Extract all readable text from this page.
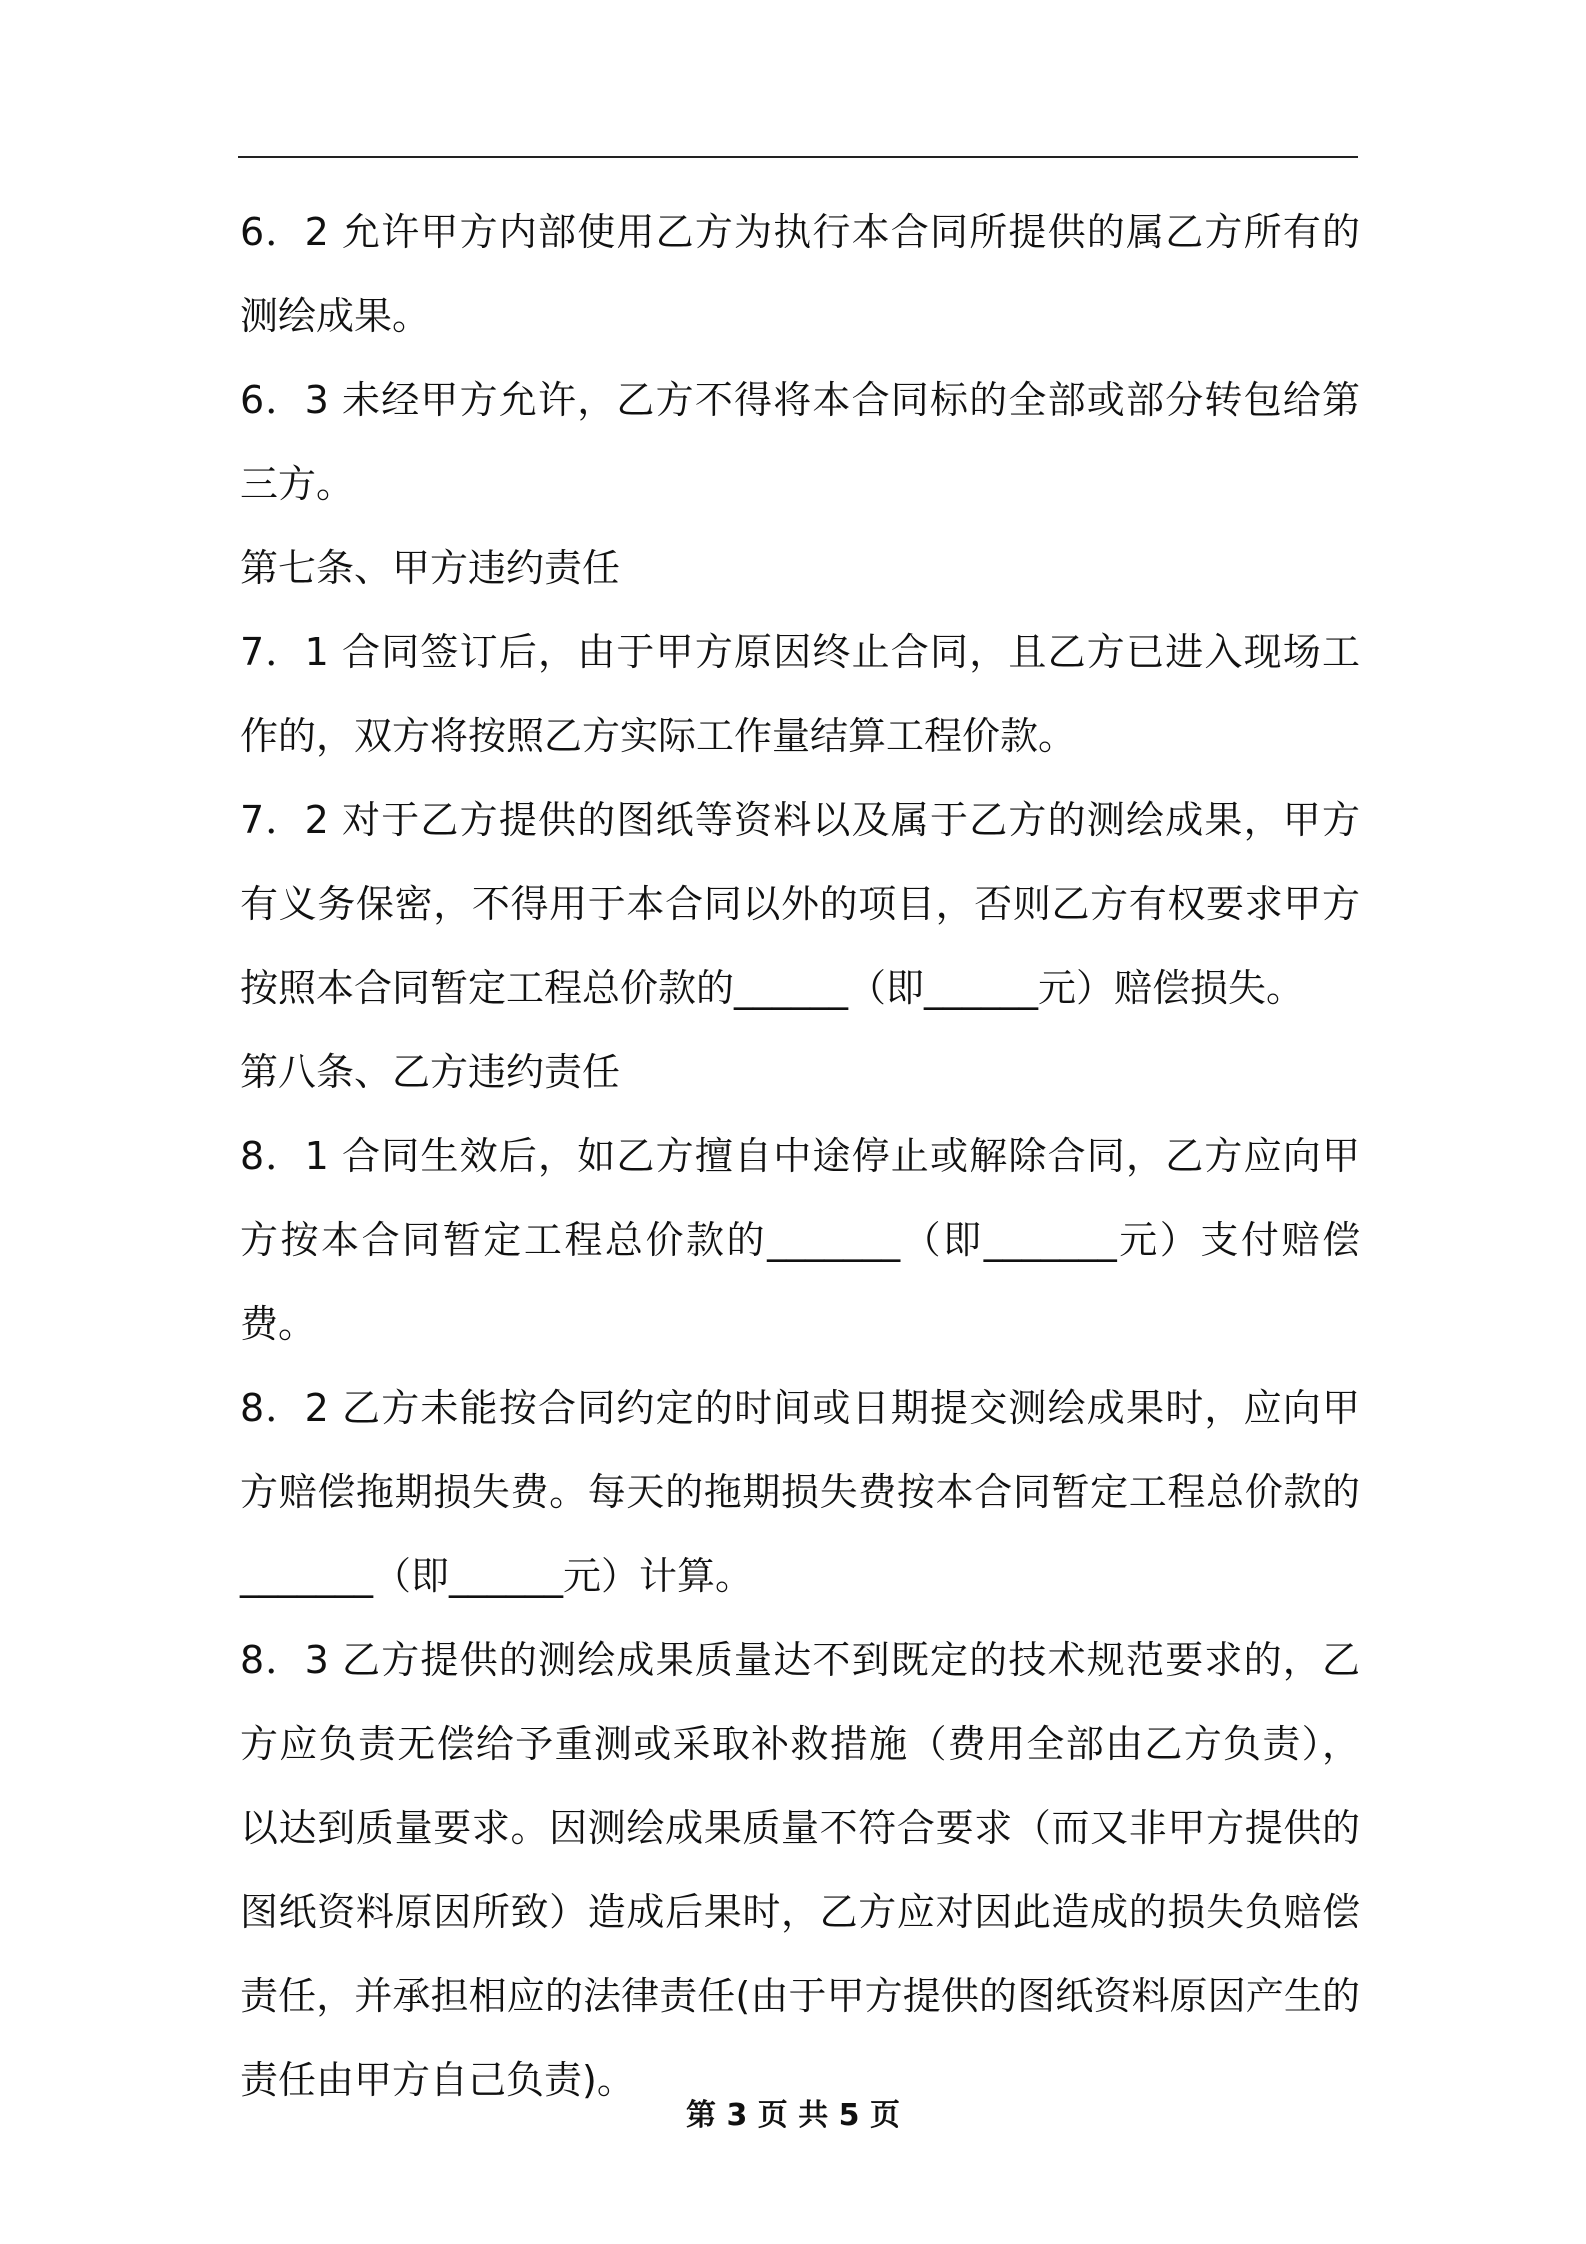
6．2 允许甲方内部使用乙方为执行本合同所提供的属乙方所有的测绘成果。

6．3 未经甲方允许，乙方不得将本合同标的全部或部分转包给第三方。

第七条、甲方违约责任

7．1 合同签订后，由于甲方原因终止合同，且乙方已进入现场工作的，双方将按照乙方实际工作量结算工程价款。

7．2 对于乙方提供的图纸等资料以及属于乙方的测绘成果，甲方有义务保密，不得用于本合同以外的项目，否则乙方有权要求甲方按照本合同暂定工程总价款的______（即______元）赔偿损失。

第八条、乙方违约责任

8．1 合同生效后，如乙方擅自中途停止或解除合同，乙方应向甲方按本合同暂定工程总价款的_______（即_______元）支付赔偿费。

8．2 乙方未能按合同约定的时间或日期提交测绘成果时，应向甲方赔偿拖期损失费。每天的拖期损失费按本合同暂定工程总价款的_______（即______元）计算。

8．3 乙方提供的测绘成果质量达不到既定的技术规范要求的，乙方应负责无偿给予重测或采取补救措施（费用全部由乙方负责），以达到质量要求。因测绘成果质量不符合要求（而又非甲方提供的图纸资料原因所致）造成后果时，乙方应对因此造成的损失负赔偿责任，并承担相应的法律责任(由于甲方提供的图纸资料原因产生的责任由甲方自己负责)。

第 3 页 共 5 页
